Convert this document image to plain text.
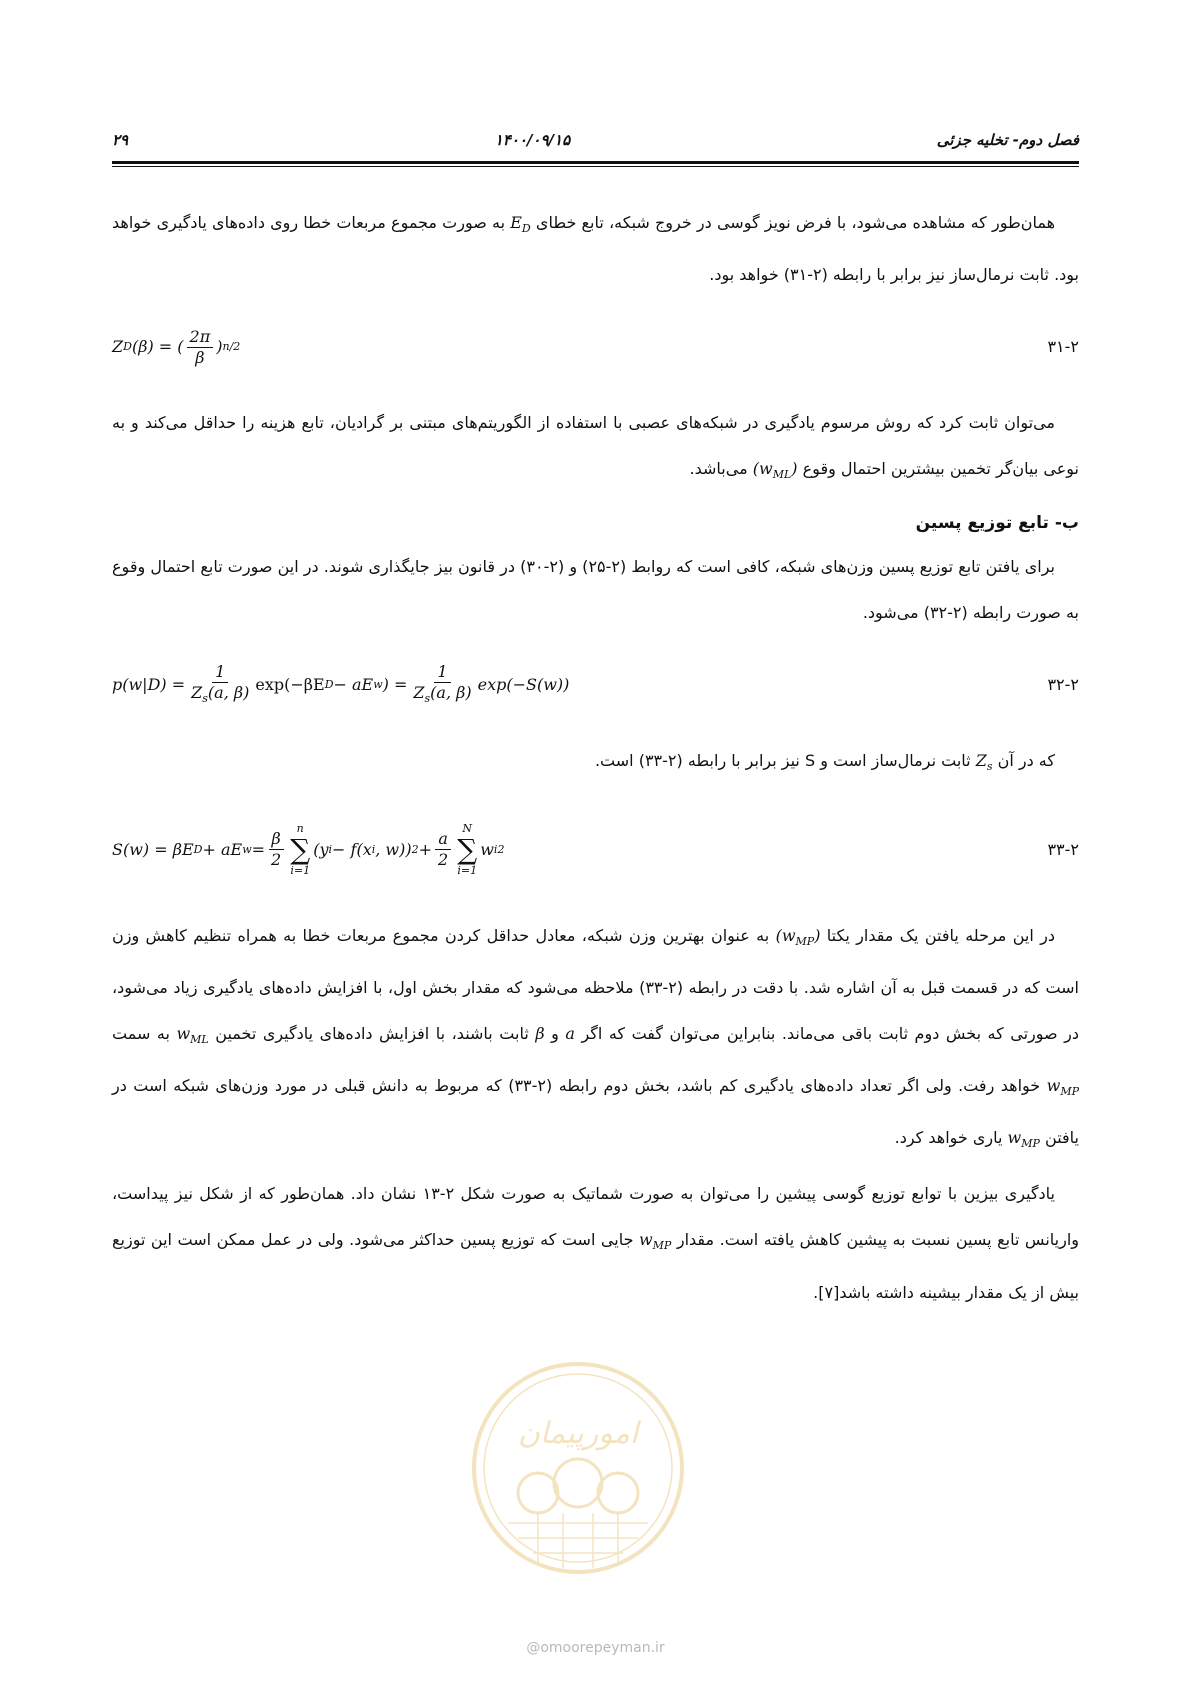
فصل دوم- تخلیه جزئی
۱۴۰۰/۰۹/۱۵
۲۹

همان‌طور که مشاهده می‌شود، با فرض نویز گوسی در خروج شبکه، تابع خطای $E_D$ به صورت مجموع مربعات خطا روی داده‌های یادگیری خواهد بود. ثابت نرمال‌ساز نیز برابر با رابطه (۲-۳۱) خواهد بود.

Z D (β) = ( $\frac{2\pi}{\beta}$ ) n/2	۳۱-۲

می‌توان ثابت کرد که روش مرسوم یادگیری در شبکه‌های عصبی با استفاده از الگوریتم‌های مبتنی بر گرادیان، تابع هزینه را حداقل می‌کند و به نوعی بیان‌گر تخمین بیشترین احتمال وقوع $(w_{ML})$ می‌باشد.

ب- تابع توزیع پسین

برای یافتن تابع توزیع پسین وزن‌های شبکه، کافی است که روابط (۲-۲۵) و (۲-۳۰) در قانون بیز جایگذاری شوند. در این صورت تابع احتمال وقوع به صورت رابطه (۲-۳۲) می‌شود.

$p(w|D) = \frac{1}{Z_s(a, \beta)} \exp(-\beta E$ D − aE w ) = $\frac{1}{Z_s(a, \beta)} \exp(-S(w))$	۳۲-۲

که در آن $Z_s$ ثابت نرمال‌ساز است و S نیز برابر با رابطه (۲-۳۳) است.

S(w) = βE D + aE $w = \frac{\beta}{2}$
n
∑
i=1
(y i − f(x i , w)) $2 + \frac{a}{2}$
N
∑
i=1
w i 2	۳۳-۲

در این مرحله یافتن یک مقدار یکتا $(w_{MP})$ به عنوان بهترین وزن شبکه، معادل حداقل کردن مجموع مربعات خطا به همراه تنظیم کاهش وزن است که در قسمت قبل به آن اشاره شد. با دقت در رابطه (۲-۳۳) ملاحظه می‌شود که مقدار بخش اول، با افزایش داده‌های یادگیری زیاد می‌شود، در صورتی که بخش دوم ثابت باقی می‌ماند. بنابراین می‌توان گفت که اگر a و β ثابت باشند، با افزایش داده‌های یادگیری تخمین $w_{ML}$ به سمت $w_{MP}$ خواهد رفت. ولی اگر تعداد داده‌های یادگیری کم باشد، بخش دوم رابطه (۲-۳۳) که مربوط به دانش قبلی در مورد وزن‌های شبکه است در یافتن $w_{MP}$ یاری خواهد کرد.

یادگیری بیزین با توابع توزیع گوسی پیشین را می‌توان به صورت شماتیک به صورت شکل ۲-۱۳ نشان داد. همان‌طور که از شکل نیز پیداست، واریانس تابع پسین نسبت به پیشین کاهش یافته است. مقدار $w_{MP}$ جایی است که توزیع پسین حداکثر می‌شود. ولی در عمل ممکن است این توزیع بیش از یک مقدار بیشینه داشته باشد[۷].

امورپیمان
@omoorepeyman.ir
